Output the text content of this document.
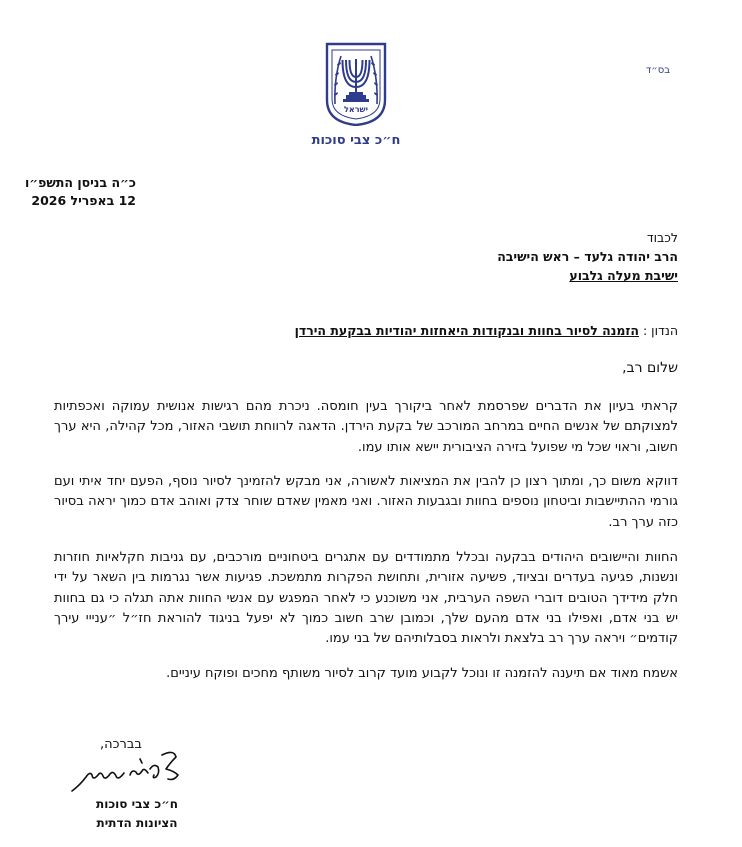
בס״ד
ישראל
ח״כ צבי סוכות
כ״ה בניסן התשפ״ו
12 באפריל 2026
לכבוד
הרב יהודה גלעד – ראש הישיבה
ישיבת מעלה גלבוע
הנדון : הזמנה לסיור בחוות ובנקודות היאחזות יהודיות בבקעת הירדן
שלום רב,
קראתי בעיון את הדברים שפרסמת לאחר ביקורך בעין חומסה. ניכרת מהם רגישות אנושית עמוקה ואכפתיות למצוקתם של אנשים החיים במרחב המורכב של בקעת הירדן. הדאגה לרווחת תושבי האזור, מכל קהילה, היא ערך חשוב, וראוי שכל מי שפועל בזירה הציבורית יישא אותו עמו.
דווקא משום כך, ומתוך רצון כן להבין את המציאות לאשורה, אני מבקש להזמינך לסיור נוסף, הפעם יחד איתי ועם גורמי ההתיישבות וביטחון נוספים בחוות ובגבעות האזור. ואני מאמין שאדם שוחר צדק ואוהב אדם כמוך יראה בסיור כזה ערך רב.
החוות והיישובים היהודים בבקעה ובכלל מתמודדים עם אתגרים ביטחוניים מורכבים, עם גניבות חקלאיות חוזרות ונשנות, פגיעה בעדרים ובציוד, פשיעה אזורית, ותחושת הפקרות מתמשכת. פגיעות אשר נגרמות בין השאר על ידי חלק מידידך הטובים דוברי השפה הערבית, אני משוכנע כי לאחר המפגש עם אנשי החוות אתה תגלה כי גם בחוות יש בני אדם, ואפילו בני אדם מהעם שלך, וכמובן שרב חשוב כמוך לא יפעל בניגוד להוראת חז״ל ״ענייי עירך קודמים״ ויראה ערך רב בלצאת ולראות בסבלותיהם של בני עמו.
אשמח מאוד אם תיענה להזמנה זו ונוכל לקבוע מועד קרוב לסיור משותף מחכים ופוקח עיניים.
בברכה,
ח״כ צבי סוכות
הציונות הדתית
